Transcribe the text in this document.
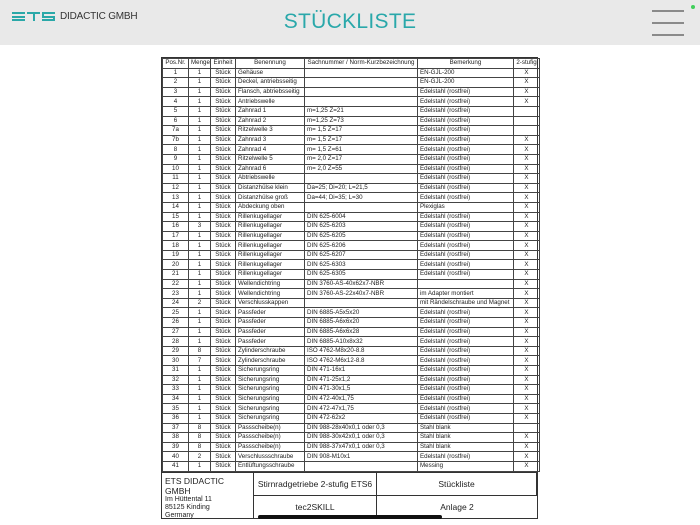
DIDACTIC GMBH	STÜCKLISTE
Pos.Nr.	Menge	Einheit	Benennung	Sachnummer / Norm-Kurzbezeichnung	Bemerkung	2-stufig
1	1	Stück	Gehäuse		EN-GJL-200	X
2	1	Stück	Deckel, antriebsseitig		EN-GJL-200	X
3	1	Stück	Flansch, abtriebsseitig		Edelstahl (rostfrei)	X
4	1	Stück	Antriebswelle		Edelstahl (rostfrei)	X
5	1	Stück	Zahnrad 1	m=1,25 Z=21	Edelstahl (rostfrei)	
6	1	Stück	Zahnrad 2	m=1,25 Z=73	Edelstahl (rostfrei)	
7a	1	Stück	Ritzelwelle 3	m= 1,5 Z=17	Edelstahl (rostfrei)	
7b	1	Stück	Zahnrad 3	m= 1,5 Z=17	Edelstahl (rostfrei)	X
8	1	Stück	Zahnrad 4	m= 1,5 Z=61	Edelstahl (rostfrei)	X
9	1	Stück	Ritzelwelle 5	m= 2,0 Z=17	Edelstahl (rostfrei)	X
10	1	Stück	Zahnrad 6	m= 2,0 Z=55	Edelstahl (rostfrei)	X
11	1	Stück	Abtriebswelle		Edelstahl (rostfrei)	X
12	1	Stück	Distanzhülse klein	Da=25; Di=20; L=21,5	Edelstahl (rostfrei)	X
13	1	Stück	Distanzhülse groß	Da=44; Di=35; L=30	Edelstahl (rostfrei)	X
14	1	Stück	Abdeckung oben		Plexiglas	X
15	1	Stück	Rillenkugellager	DIN 625-6004	Edelstahl (rostfrei)	X
16	3	Stück	Rillenkugellager	DIN 625-6203	Edelstahl (rostfrei)	X
17	1	Stück	Rillenkugellager	DIN 625-6205	Edelstahl (rostfrei)	X
18	1	Stück	Rillenkugellager	DIN 625-6206	Edelstahl (rostfrei)	X
19	1	Stück	Rillenkugellager	DIN 625-6207	Edelstahl (rostfrei)	X
20	1	Stück	Rillenkugellager	DIN 625-6303	Edelstahl (rostfrei)	X
21	1	Stück	Rillenkugellager	DIN 625-6305	Edelstahl (rostfrei)	X
22	1	Stück	Wellendichtring	DIN 3760-AS-40x62x7-NBR		X
23	1	Stück	Wellendichtring	DIN 3760-AS-22x40x7-NBR	im Adapter montiert	X
24	2	Stück	Verschlusskappen		mit Rändelschraube und Magnet	X
25	1	Stück	Passfeder	DIN 6885-A5x5x20	Edelstahl (rostfrei)	X
26	1	Stück	Passfeder	DIN 6885-A6x6x20	Edelstahl (rostfrei)	X
27	1	Stück	Passfeder	DIN 6885-A6x6x28	Edelstahl (rostfrei)	X
28	1	Stück	Passfeder	DIN 6885-A10x8x32	Edelstahl (rostfrei)	X
29	8	Stück	Zylinderschraube	ISO 4762-M8x20-8.8	Edelstahl (rostfrei)	X
30	7	Stück	Zylinderschraube	ISO 4762-M6x12-8.8	Edelstahl (rostfrei)	X
31	1	Stück	Sicherungsring	DIN 471-16x1	Edelstahl (rostfrei)	X
32	1	Stück	Sicherungsring	DIN 471-25x1,2	Edelstahl (rostfrei)	X
33	1	Stück	Sicherungsring	DIN 471-30x1,5	Edelstahl (rostfrei)	X
34	1	Stück	Sicherungsring	DIN 472-40x1,75	Edelstahl (rostfrei)	X
35	1	Stück	Sicherungsring	DIN 472-47x1,75	Edelstahl (rostfrei)	X
36	1	Stück	Sicherungsring	DIN 472-62x2	Edelstahl (rostfrei)	X
37	8	Stück	Passscheibe(n)	DIN 988-28x40x0,1 oder 0,3	Stahl blank	
38	8	Stück	Passscheibe(n)	DIN 988-30x42x0,1 oder 0,3	Stahl blank	X
39	8	Stück	Passscheibe(n)	DIN 988-37x47x0,1 oder 0,3	Stahl blank	X
40	2	Stück	Verschlussschraube	DIN 908-M10x1	Edelstahl (rostfrei)	X
41	1	Stück	Entlüftungsschraube		Messing	X
ETS DIDACTIC GMBH
Im Hüttental 11
85125 Kinding
Germany
Stirnradgetriebe 2-stufig ETS6	Stückliste
tec2SKILL	Anlage 2
